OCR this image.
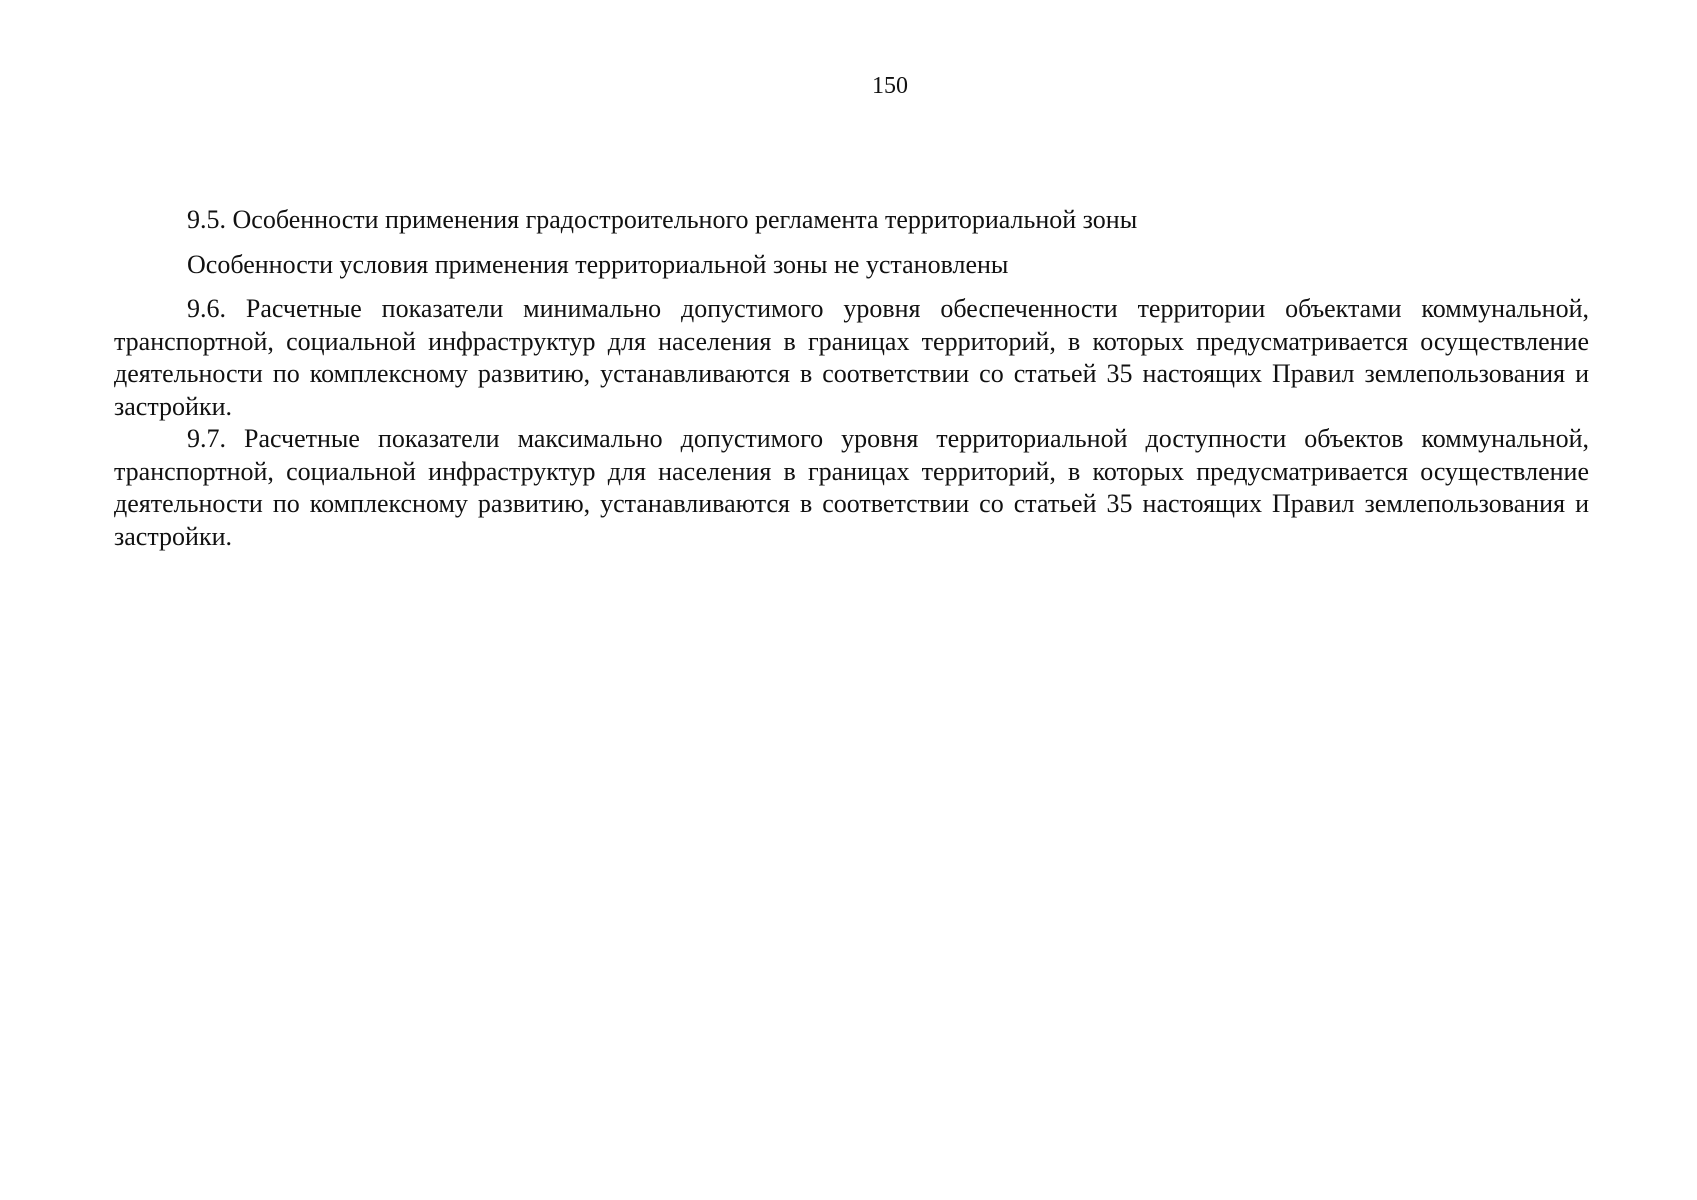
150

9.5. Особенности применения градостроительного регламента территориальной зоны

Особенности условия применения территориальной зоны не установлены

9.6. Расчетные показатели минимально допустимого уровня обеспеченности территории объектами коммунальной, транспортной, социальной инфраструктур для населения в границах территорий, в которых предусматривается осуществление деятельности по комплексному развитию, устанавливаются в соответствии со статьей 35 настоящих Правил землепользования и застройки.

9.7. Расчетные показатели максимально допустимого уровня территориальной доступности объектов коммунальной, транспортной, социальной инфраструктур для населения в границах территорий, в которых предусматривается осуществление деятельности по комплексному развитию, устанавливаются в соответствии со статьей 35 настоящих Правил землепользования и застройки.
